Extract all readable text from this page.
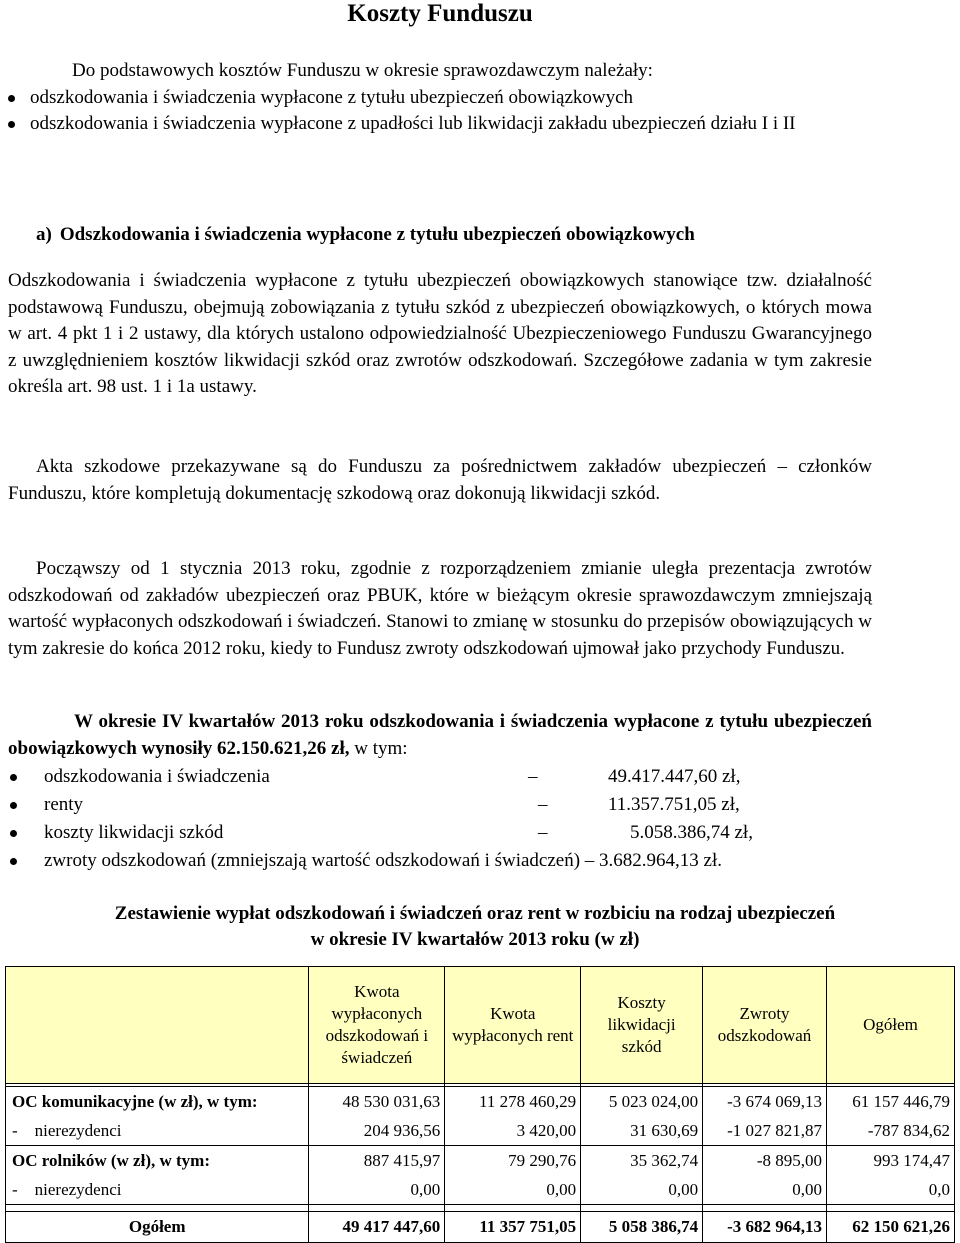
Koszty Funduszu
Do podstawowych kosztów Funduszu w okresie sprawozdawczym należały:
odszkodowania i świadczenia wypłacone z tytułu ubezpieczeń obowiązkowych
odszkodowania i świadczenia wypłacone z upadłości lub likwidacji zakładu ubezpieczeń działu I i II
a) Odszkodowania i świadczenia wypłacone z tytułu ubezpieczeń obowiązkowych
Odszkodowania i świadczenia wypłacone z tytułu ubezpieczeń obowiązkowych stanowiące tzw. działalność podstawową Funduszu, obejmują zobowiązania z tytułu szkód z ubezpieczeń obowiązkowych, o których mowa w art. 4 pkt 1 i 2 ustawy, dla których ustalono odpowiedzialność Ubezpieczeniowego Funduszu Gwarancyjnego z uwzględnieniem kosztów likwidacji szkód oraz zwrotów odszkodowań. Szczegółowe zadania w tym zakresie określa art. 98 ust. 1 i 1a ustawy.
Akta szkodowe przekazywane są do Funduszu za pośrednictwem zakładów ubezpieczeń – członków Funduszu, które kompletują dokumentację szkodową oraz dokonują likwidacji szkód.
Począwszy od 1 stycznia 2013 roku, zgodnie z rozporządzeniem zmianie uległa prezentacja zwrotów odszkodowań od zakładów ubezpieczeń oraz PBUK, które w bieżącym okresie sprawozdawczym zmniejszają wartość wypłaconych odszkodowań i świadczeń. Stanowi to zmianę w stosunku do przepisów obowiązujących w tym zakresie do końca 2012 roku, kiedy to Fundusz zwroty odszkodowań ujmował jako przychody Funduszu.
W okresie IV kwartałów 2013 roku odszkodowania i świadczenia wypłacone z tytułu ubezpieczeń obowiązkowych wynosiły 62.150.621,26 zł, w tym:
odszkodowania i świadczenia	–	49.417.447,60 zł,
renty	–	11.357.751,05 zł,
koszty likwidacji szkód	–	5.058.386,74 zł,
zwroty odszkodowań (zmniejszają wartość odszkodowań i świadczeń) – 3.682.964,13 zł.
Zestawienie wypłat odszkodowań i świadczeń oraz rent w rozbiciu na rodzaj ubezpieczeń
w okresie IV kwartałów 2013 roku (w zł)
	Kwota wypłaconych odszkodowań i świadczeń	Kwota wypłaconych rent	Koszty likwidacji szkód	Zwroty odszkodowań	Ogółem

OC komunikacyjne (w zł), w tym:	48 530 031,63	11 278 460,29	5 023 024,00	-3 674 069,13	61 157 446,79
-    nierezydenci	204 936,56	3 420,00	31 630,69	-1 027 821,87	-787 834,62
OC rolników (w zł), w tym:	887 415,97	79 290,76	35 362,74	-8 895,00	993 174,47
-    nierezydenci	0,00	0,00	0,00	0,00	0,0

Ogółem	49 417 447,60	11 357 751,05	5 058 386,74	-3 682 964,13	62 150 621,26
